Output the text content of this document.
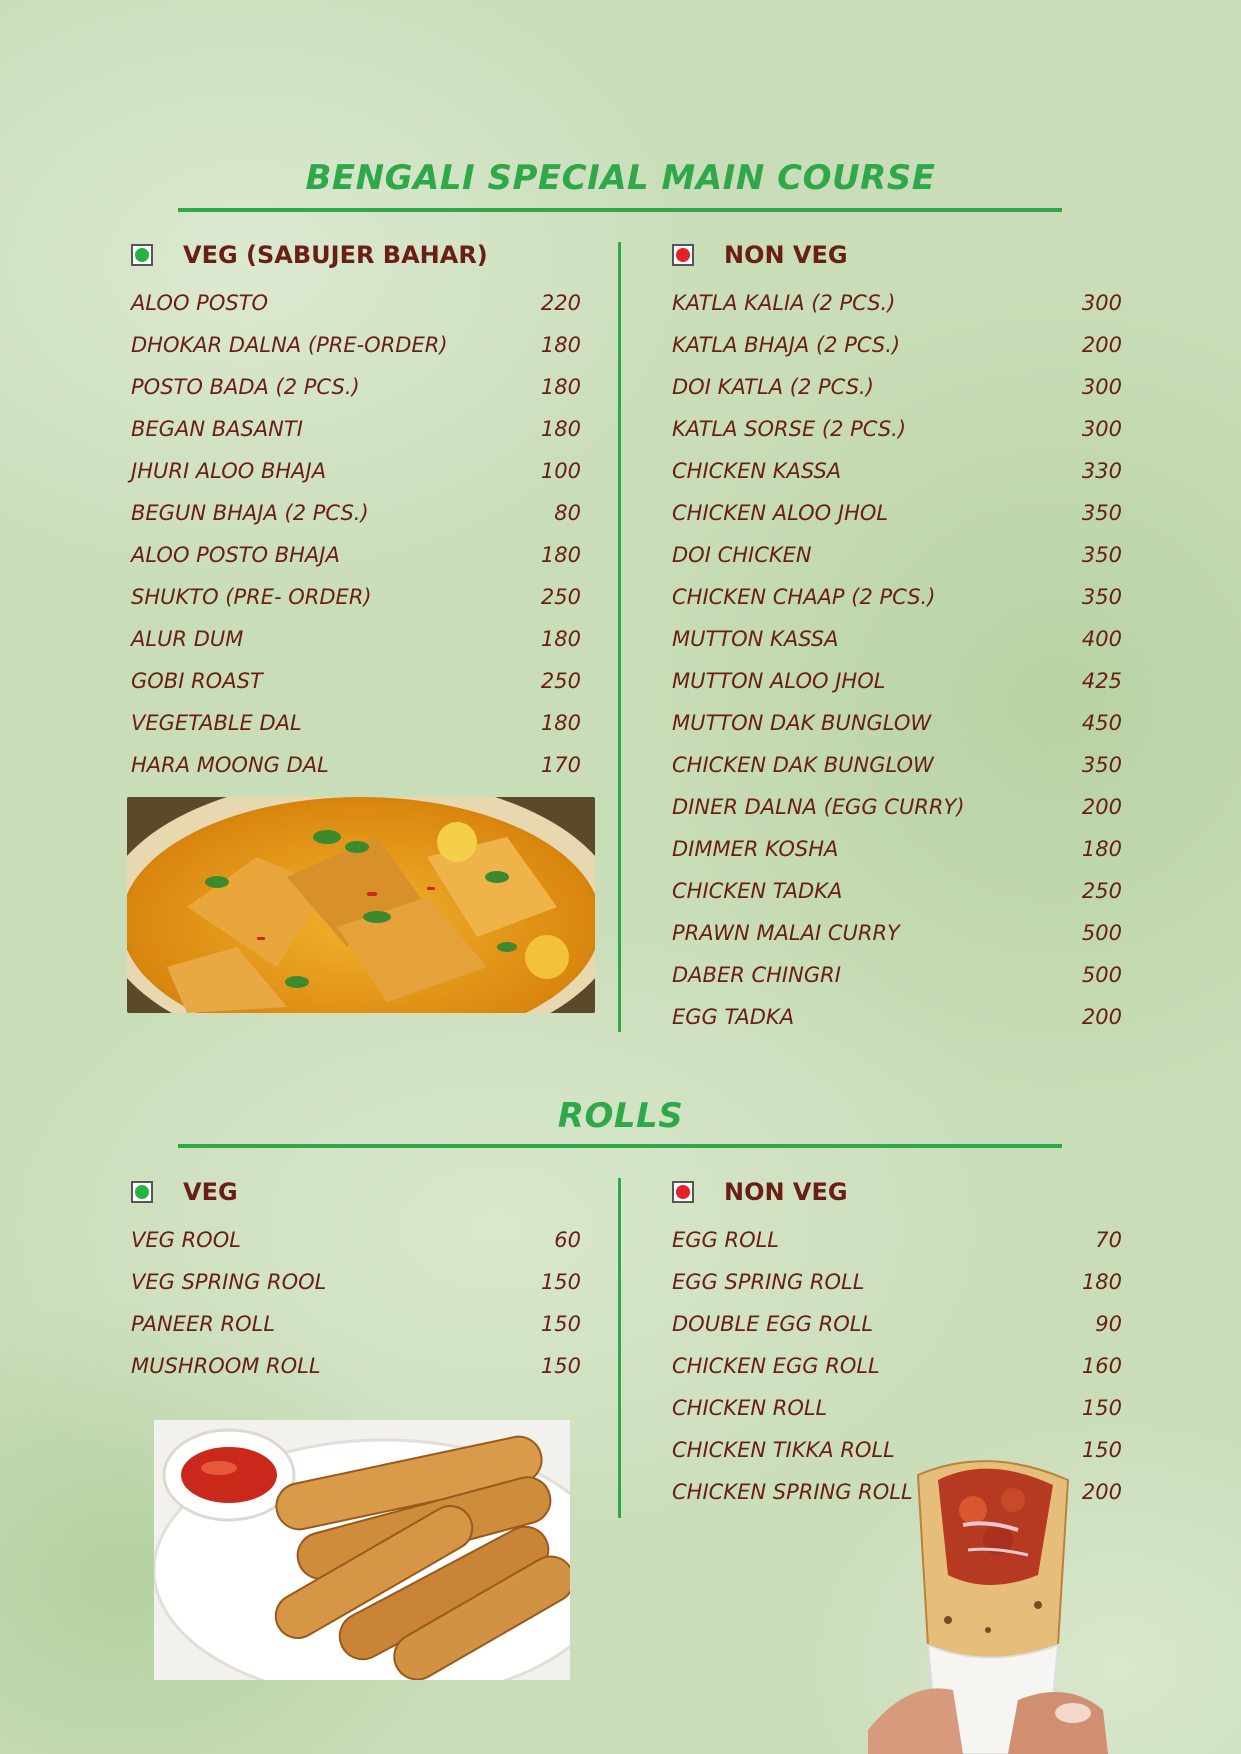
BENGALI SPECIAL MAIN COURSE
VEG (SABUJER BAHAR)
ALOO POSTO	220
DHOKAR DALNA (PRE-ORDER)	180
POSTO BADA (2 PCS.)	180
BEGAN BASANTI	180
JHURI ALOO BHAJA	100
BEGUN BHAJA (2 PCS.)	80
ALOO POSTO BHAJA	180
SHUKTO (PRE- ORDER)	250
ALUR DUM	180
GOBI ROAST	250
VEGETABLE DAL	180
HARA MOONG DAL	170
NON VEG
KATLA KALIA (2 PCS.)	300
KATLA BHAJA (2 PCS.)	200
DOI KATLA (2 PCS.)	300
KATLA SORSE (2 PCS.)	300
CHICKEN KASSA	330
CHICKEN ALOO JHOL	350
DOI CHICKEN	350
CHICKEN CHAAP (2 PCS.)	350
MUTTON KASSA	400
MUTTON ALOO JHOL	425
MUTTON DAK BUNGLOW	450
CHICKEN DAK BUNGLOW	350
DINER DALNA (EGG CURRY)	200
DIMMER KOSHA	180
CHICKEN TADKA	250
PRAWN MALAI CURRY	500
DABER CHINGRI	500
EGG TADKA	200
ROLLS
VEG
VEG ROOL	60
VEG SPRING ROOL	150
PANEER ROLL	150
MUSHROOM ROLL	150
NON VEG
EGG ROLL	70
EGG SPRING ROLL	180
DOUBLE EGG ROLL	90
CHICKEN EGG ROLL	160
CHICKEN ROLL	150
CHICKEN TIKKA ROLL	150
CHICKEN SPRING ROLL	200
